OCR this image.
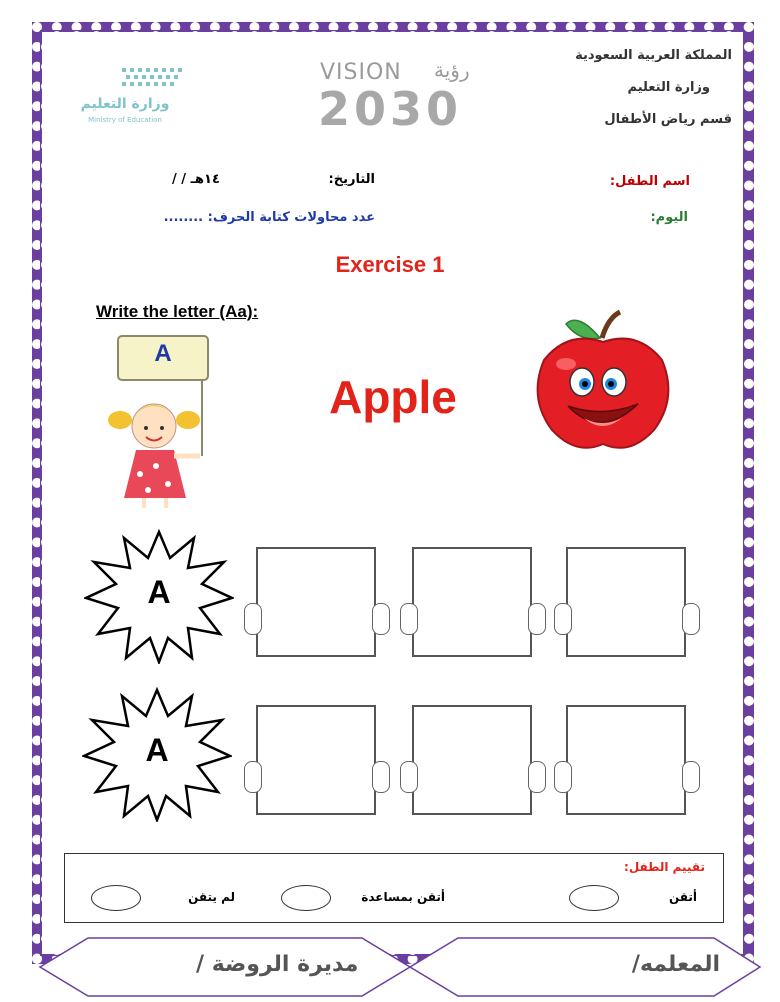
المملكة العربية السعودية
وزارة التعليم
قسم رياض الأطفال
وزارة التعليم
Ministry of Education
VISION رؤية
2030
اسم الطفل:
التاريخ:
/ / ١٤هـ
اليوم:
عدد محاولات كتابة الحرف: ........
Exercise 1
Write the letter (Aa):
A
Apple
A
A
تقييم الطفل:
أتقن
أتقن بمساعدة
لم يتقن
المعلمه/
مديرة الروضة /
